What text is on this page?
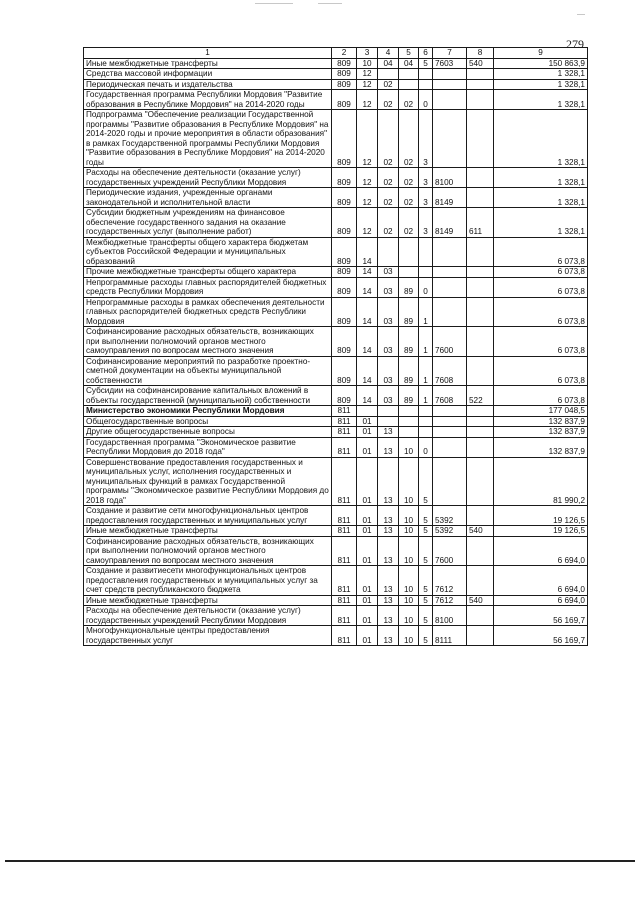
279
1	2	3	4	5	6	7	8	9
Иные межбюджетные трансферты	809	10	04	04	5	7603	540	150 863,9
Средства массовой информации	809	12						1 328,1
Периодическая печать и издательства	809	12	02					1 328,1
Государственная программа Республики Мордовия "Развитие образования в Республике Мордовия" на 2014-2020 годы	809	12	02	02	0			1 328,1
Подпрограмма "Обеспечение реализации Государственной программы "Развитие образования в Республике Мордовия" на 2014-2020 годы и прочие мероприятия в области образования" в рамках Государственной программы Республики Мордовия "Развитие образования в Республике Мордовия" на 2014-2020 годы	809	12	02	02	3			1 328,1
Расходы на обеспечение деятельности (оказание услуг) государственных учреждений Республики Мордовия	809	12	02	02	3	8100		1 328,1
Периодические издания, учрежденные органами законодательной и исполнительной власти	809	12	02	02	3	8149		1 328,1
Субсидии бюджетным учреждениям на финансовое обеспечение государственного задания на оказание государственных услуг (выполнение работ)	809	12	02	02	3	8149	611	1 328,1
Межбюджетные трансферты общего характера бюджетам субъектов Российской Федерации и муниципальных образований	809	14						6 073,8
Прочие межбюджетные трансферты общего характера	809	14	03					6 073,8
Непрограммные расходы главных распорядителей бюджетных средств Республики Мордовия	809	14	03	89	0			6 073,8
Непрограммные расходы в рамках обеспечения деятельности главных распорядителей бюджетных средств Республики Мордовия	809	14	03	89	1			6 073,8
Софинансирование расходных обязательств, возникающих при выполнении полномочий органов местного самоуправления по вопросам местного значения	809	14	03	89	1	7600		6 073,8
Софинансирование мероприятий по разработке проектно-сметной документации на объекты муниципальной собственности	809	14	03	89	1	7608		6 073,8
Субсидии на софинансирование капитальных вложений в объекты государственной (муниципальной) собственности	809	14	03	89	1	7608	522	6 073,8
Министерство экономики Республики Мордовия	811							177 048,5
Общегосударственные вопросы	811	01						132 837,9
Другие общегосударственные вопросы	811	01	13					132 837,9
Государственная программа "Экономическое развитие Республики Мордовия до 2018 года"	811	01	13	10	0			132 837,9
Совершенствование предоставления государственных и муниципальных услуг, исполнения государственных и муниципальных функций в рамках Государственной программы "Экономическое развитие Республики Мордовия до 2018 года"	811	01	13	10	5			81 990,2
Создание и развитие сети многофункциональных центров предоставления государственных и муниципальных услуг	811	01	13	10	5	5392		19 126,5
Иные межбюджетные трансферты	811	01	13	10	5	5392	540	19 126,5
Софинансирование расходных обязательств, возникающих при выполнении полномочий органов местного самоуправления по вопросам местного значения	811	01	13	10	5	7600		6 694,0
Создание и развитиесети многофункциональных центров предоставления государственных и муниципальных услуг за счет средств республиканского бюджета	811	01	13	10	5	7612		6 694,0
Иные межбюджетные трансферты	811	01	13	10	5	7612	540	6 694,0
Расходы на обеспечение деятельности (оказание услуг) государственных учреждений Республики Мордовия	811	01	13	10	5	8100		56 169,7
Многофункциональные центры предоставления государственных услуг	811	01	13	10	5	8111		56 169,7
